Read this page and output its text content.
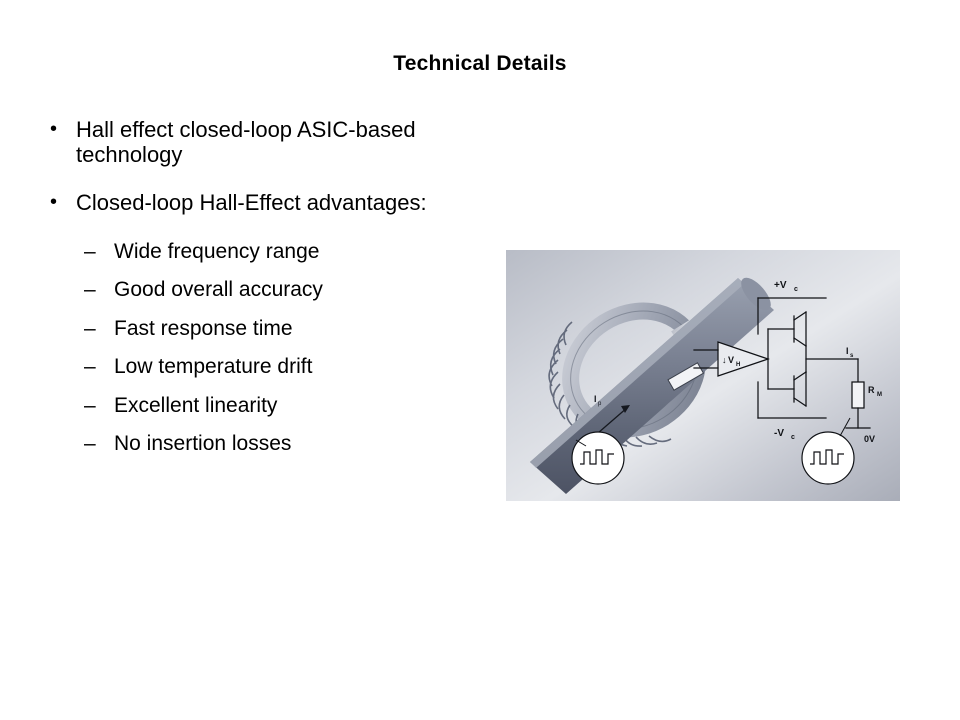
Technical Details
• Hall effect closed-loop ASIC-based technology
• Closed-loop Hall-Effect advantages:
– Wide frequency range
– Good overall accuracy
– Fast response time
– Low temperature drift
– Excellent linearity
– No insertion losses
I p
+V c
-V c
V H
↓
I s
R M
0V
